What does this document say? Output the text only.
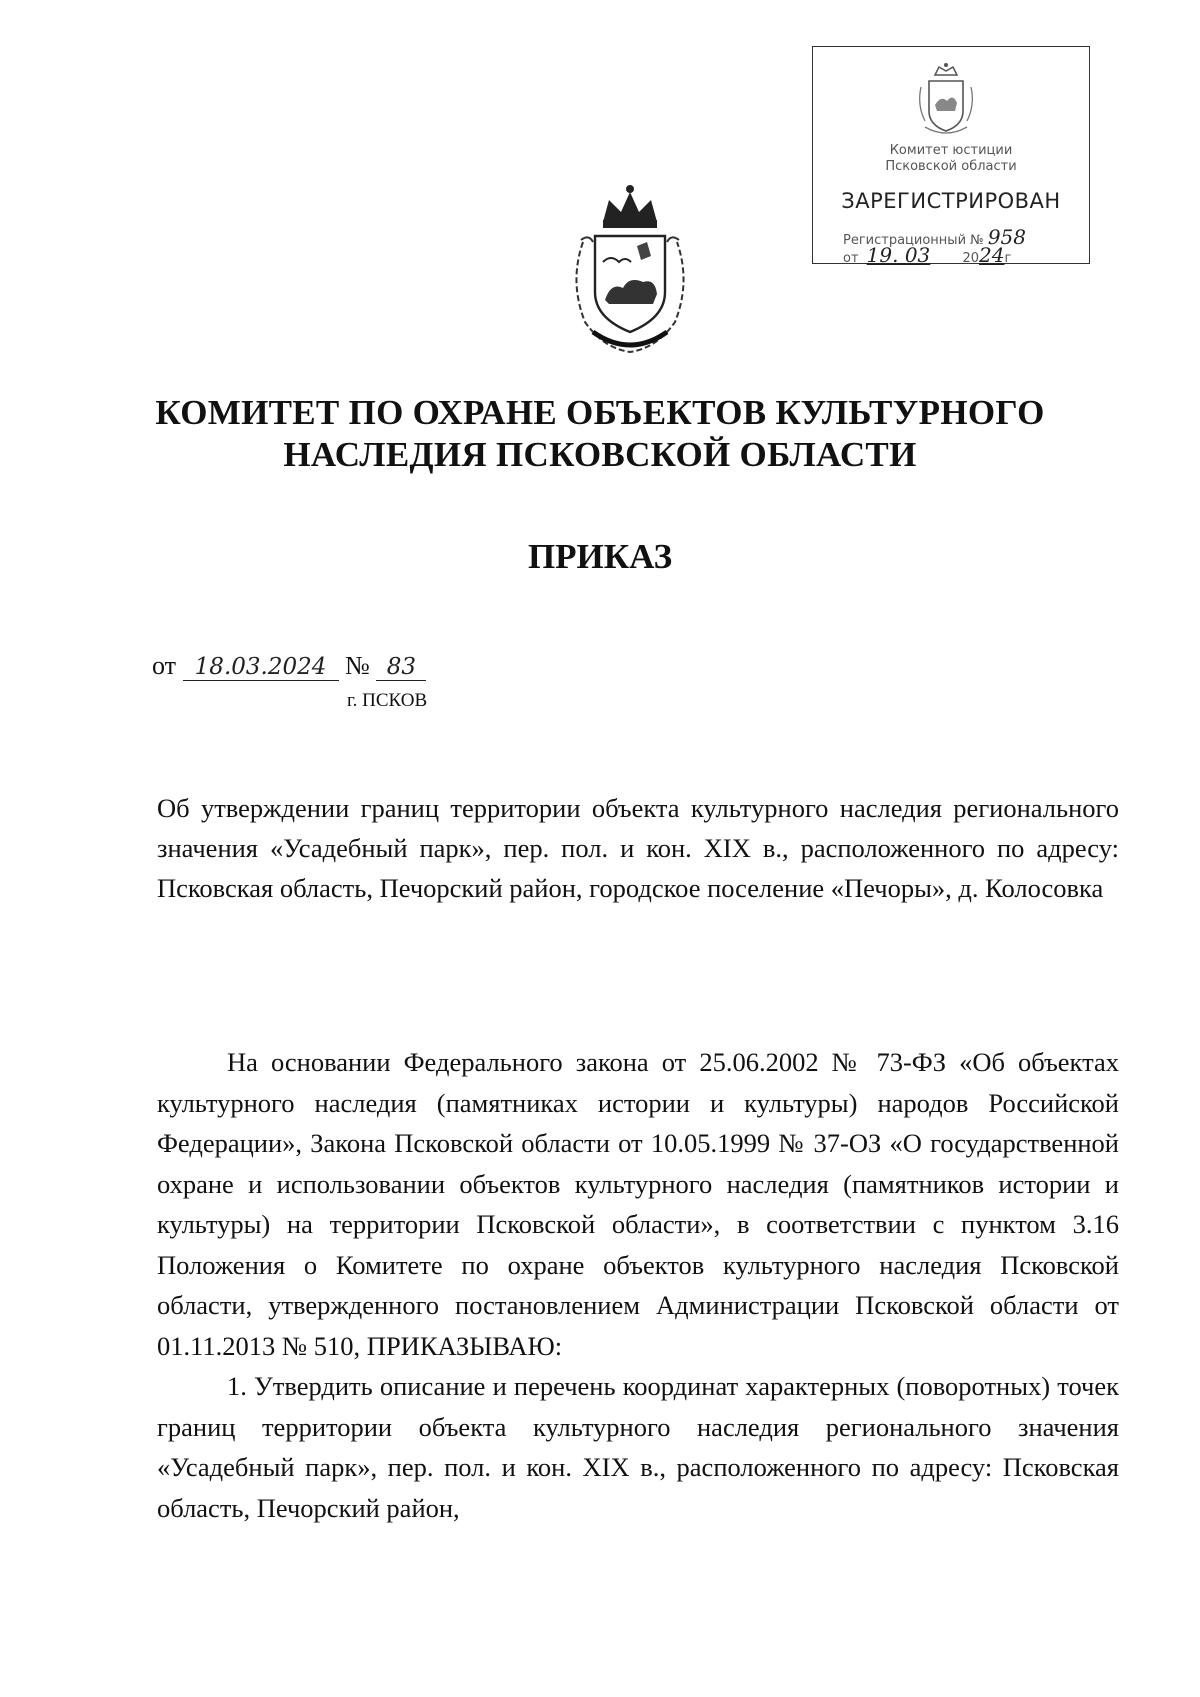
Комитет юстиции
Псковской области
ЗАРЕГИСТРИРОВАН
Регистрационный № 958
от 19. 03 2024г
КОМИТЕТ ПО ОХРАНЕ ОБЪЕКТОВ КУЛЬТУРНОГО
НАСЛЕДИЯ ПСКОВСКОЙ ОБЛАСТИ
ПРИКАЗ
от 18.03.2024 № 83
г. ПСКОВ
Об утверждении границ территории объекта культурного наследия регионального значения «Усадебный парк», пер. пол. и кон. XIX в., расположенного по адресу: Псковская область, Печорский район, городское поселение «Печоры», д. Колосовка

На основании Федерального закона от 25.06.2002 № 73-ФЗ «Об объектах культурного наследия (памятниках истории и культуры) народов Российской Федерации», Закона Псковской области от 10.05.1999 № 37-ОЗ «О государственной охране и использовании объектов культурного наследия (памятников истории и культуры) на территории Псковской области», в соответствии с пунктом 3.16 Положения о Комитете по охране объектов культурного наследия Псковской области, утвержденного постановлением Администрации Псковской области от 01.11.2013 № 510, ПРИКАЗЫВАЮ:

1. Утвердить описание и перечень координат характерных (поворотных) точек границ территории объекта культурного наследия регионального значения «Усадебный парк», пер. пол. и кон. XIX в., расположенного по адресу: Псковская область, Печорский район,
